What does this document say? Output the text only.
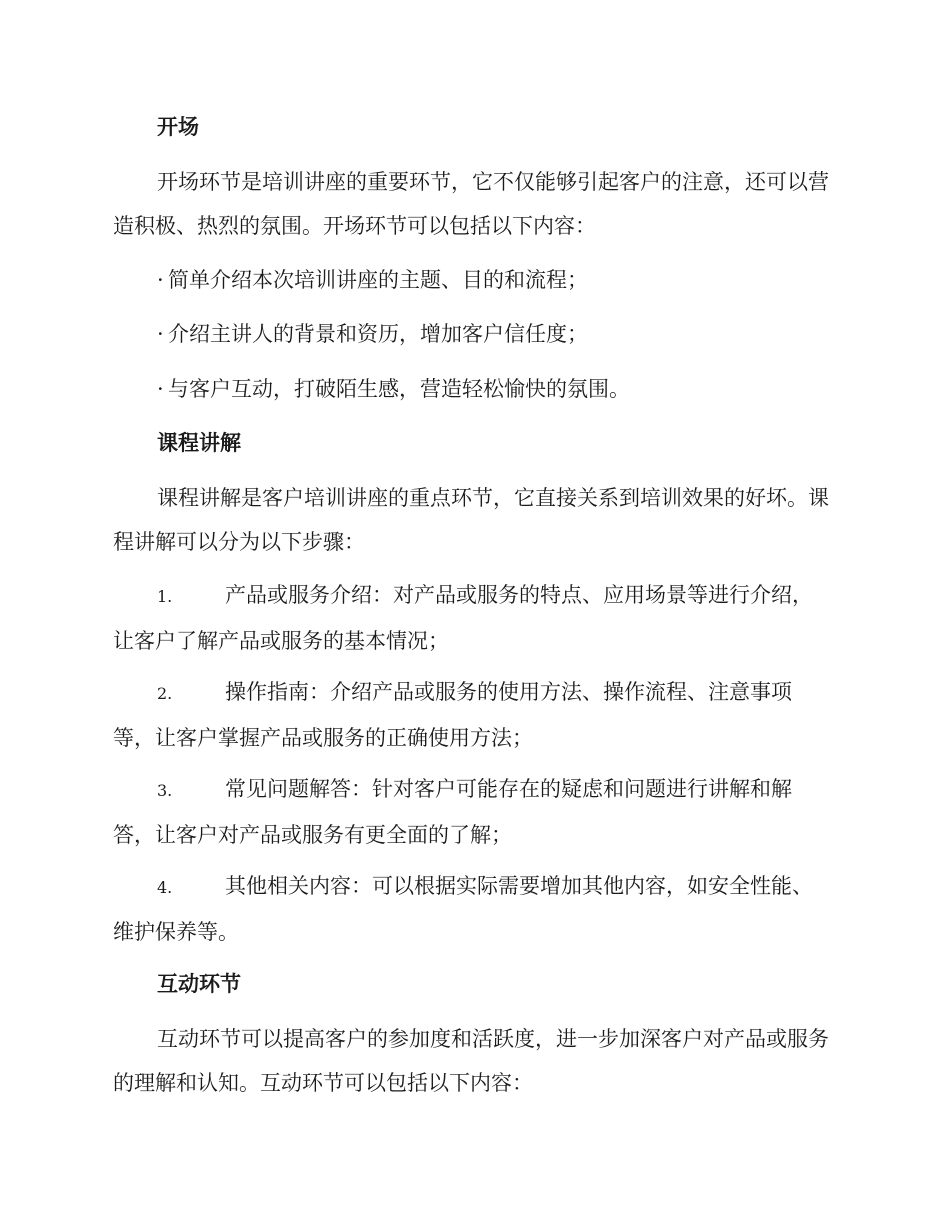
开场

开场环节是培训讲座的重要环节，它不仅能够引起客户的注意，还可以营造积极、热烈的氛围。开场环节可以包括以下内容：

· 简单介绍本次培训讲座的主题、目的和流程；

· 介绍主讲人的背景和资历，增加客户信任度；

· 与客户互动，打破陌生感，营造轻松愉快的氛围。

课程讲解

课程讲解是客户培训讲座的重点环节，它直接关系到培训效果的好坏。课程讲解可以分为以下步骤：

1.	产品或服务介绍：对产品或服务的特点、应用场景等进行介绍，让客户了解产品或服务的基本情况；

2.	操作指南：介绍产品或服务的使用方法、操作流程、注意事项等，让客户掌握产品或服务的正确使用方法；

3.	常见问题解答：针对客户可能存在的疑虑和问题进行讲解和解答，让客户对产品或服务有更全面的了解；

4.	其他相关内容：可以根据实际需要增加其他内容，如安全性能、维护保养等。

互动环节

互动环节可以提高客户的参加度和活跃度，进一步加深客户对产品或服务的理解和认知。互动环节可以包括以下内容：
